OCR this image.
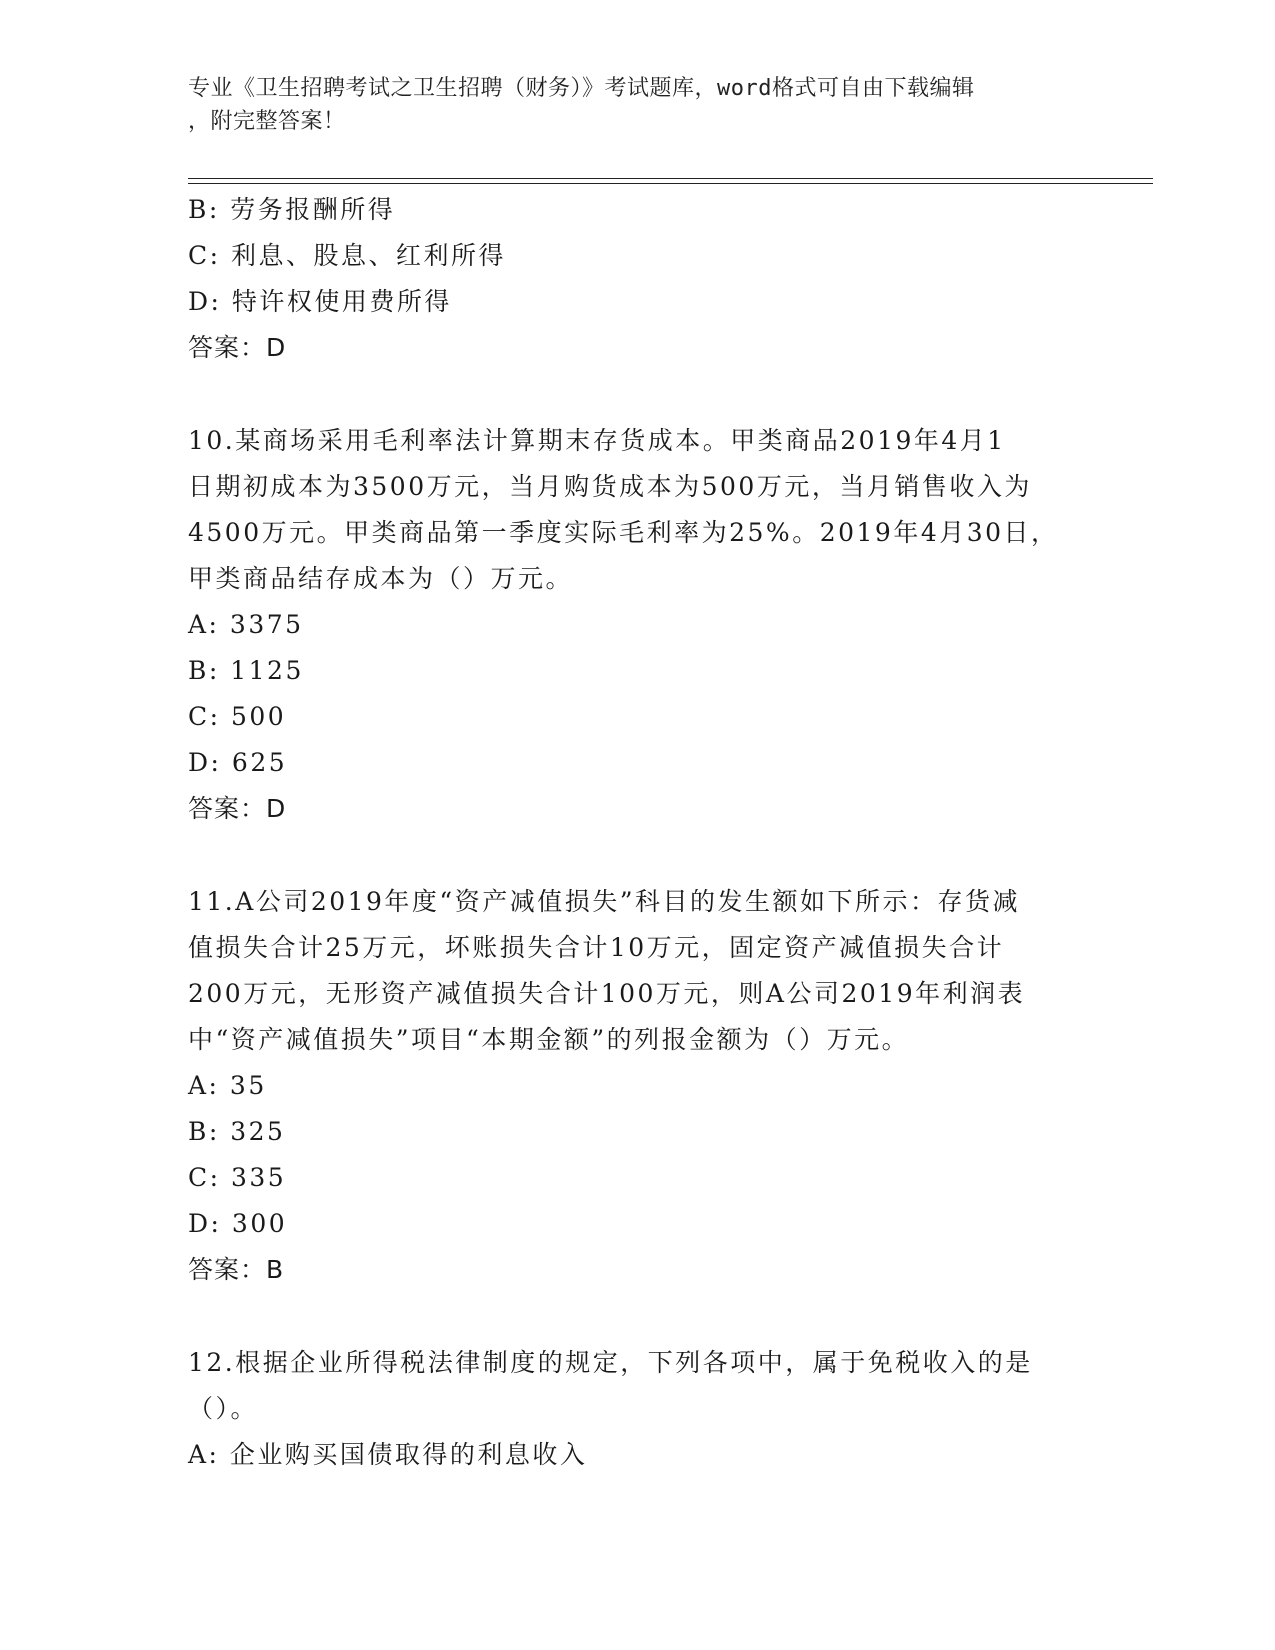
专业《卫生招聘考试之卫生招聘（财务）》考试题库，word格式可自由下载编辑
，附完整答案！
B: 劳务报酬所得
C: 利息、股息、红利所得
D: 特许权使用费所得
答案：D
10.某商场采用毛利率法计算期末存货成本。甲类商品2019年4月1
日期初成本为3500万元，当月购货成本为500万元，当月销售收入为
4500万元。甲类商品第一季度实际毛利率为25%。2019年4月30日，
甲类商品结存成本为（）万元。
A: 3375
B: 1125
C: 500
D: 625
答案：D
11.A公司2019年度“资产减值损失”科目的发生额如下所示：存货减
值损失合计25万元，坏账损失合计10万元，固定资产减值损失合计
200万元，无形资产减值损失合计100万元，则A公司2019年利润表
中“资产减值损失”项目“本期金额”的列报金额为（）万元。
A: 35
B: 325
C: 335
D: 300
答案：B
12.根据企业所得税法律制度的规定，下列各项中，属于免税收入的是
（）。
A: 企业购买国债取得的利息收入
